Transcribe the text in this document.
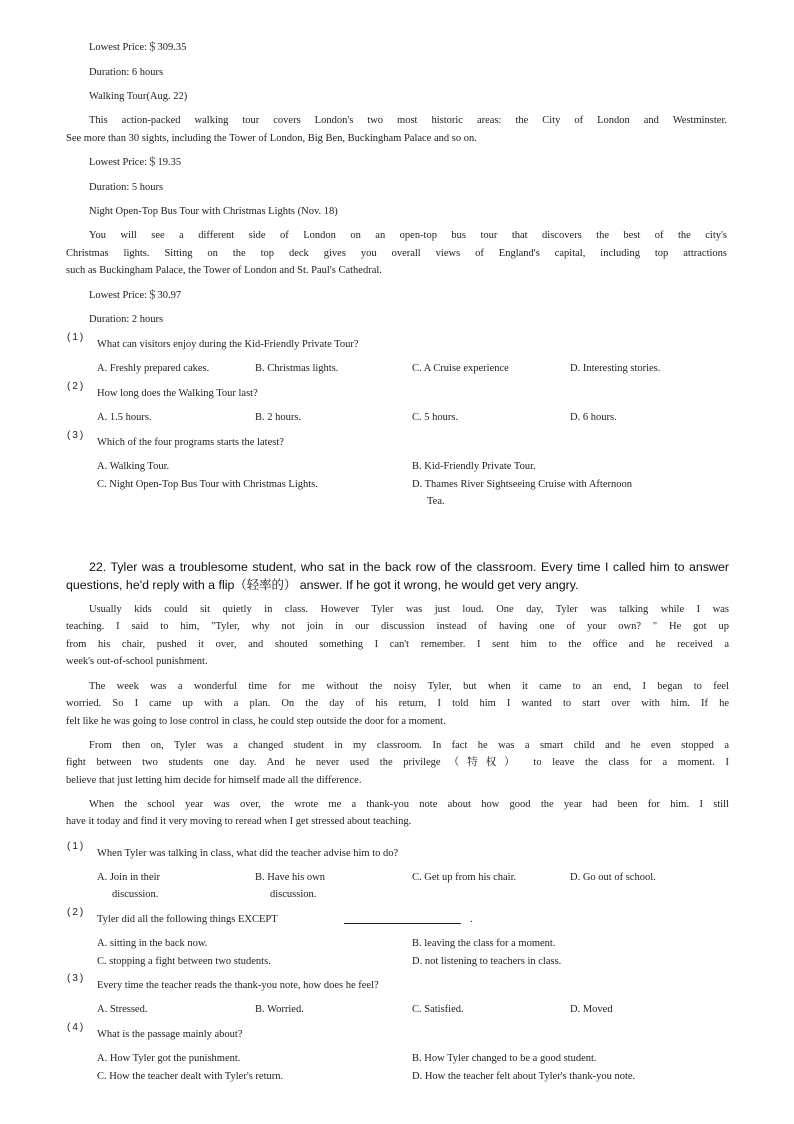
Lowest Price:＄309.35

Duration: 6 hours

Walking Tour(Aug. 22)

This action-packed walking tour covers London's two most historic areas: the City of London and Westminster.

See more than 30 sights, including the Tower of London, Big Ben, Buckingham Palace and so on.

Lowest Price:＄19.35

Duration: 5 hours

Night Open-Top Bus Tour with Christmas Lights (Nov. 18)

You will see a different side of London on an open-top bus tour that discovers the best of the city's

Christmas lights. Sitting on the top deck gives you overall views of England's capital, including top attractions

such as Buckingham Palace, the Tower of London and St. Paul's Cathedral.

Lowest Price:＄30.97

Duration: 2 hours

(1)

What can visitors enjoy during the Kid-Friendly Private Tour?

A. Freshly prepared cakes.	B. Christmas lights.	C. A Cruise experience	D. Interesting stories.

(2)

How long does the Walking Tour last?

A. 1.5 hours.	B. 2 hours.	C. 5 hours.	D. 6 hours.

(3)

Which of the four programs starts the latest?

A. Walking Tour.	B. Kid-Friendly Private Tour.

C. Night Open-Top Bus Tour with Christmas Lights.	D. Thames River Sightseeing Cruise with Afternoon

Tea.

22. Tyler was a troublesome student, who sat in the back row of the classroom. Every time I called him to answer

questions, he'd reply with a flip（轻率的） answer. If he got it wrong, he would get very angry.

Usually kids could sit quietly in class. However Tyler was just loud. One day, Tyler was talking while I was

teaching. I said to him, "Tyler, why not join in our discussion instead of having one of your own? " He got up

from his chair, pushed it over, and shouted something I can't remember. I sent him to the office and he received a

week's out-of-school punishment.

The week was a wonderful time for me without the noisy Tyler, but when it came to an end, I began to feel

worried. So I came up with a plan. On the day of his return, I told him I wanted to start over with him. If he

felt like he was going to lose control in class, he could step outside the door for a moment.

From then on, Tyler was a changed student in my classroom. In fact he was a smart child and he even stopped a

fight between two students one day. And he never used the privilege（特权） to leave the class for a moment. I

believe that just letting him decide for himself made all the difference.

When the school year was over, the wrote me a thank-you note about how good the year had been for him. I still

have it today and find it very moving to reread when I get stressed about teaching.

(1)

When Tyler was talking in class, what did the teacher advise him to do?

A. Join in their

discussion.

B. Have his own

discussion.

C. Get up from his chair.	D. Go out of school.

(2)

Tyler did all the following things EXCEPT	.

A. sitting in the back now.	B. leaving the class for a moment.

C. stopping a fight between two students.	D. not listening to teachers in class.

(3)

Every time the teacher reads the thank-you note, how does he feel?

A. Stressed.	B. Worried.	C. Satisfied.	D. Moved

(4)

What is the passage mainly about?

A. How Tyler got the punishment.	B. How Tyler changed to be a good student.

C. How the teacher dealt with Tyler's return.	D. How the teacher felt about Tyler's thank-you note.
